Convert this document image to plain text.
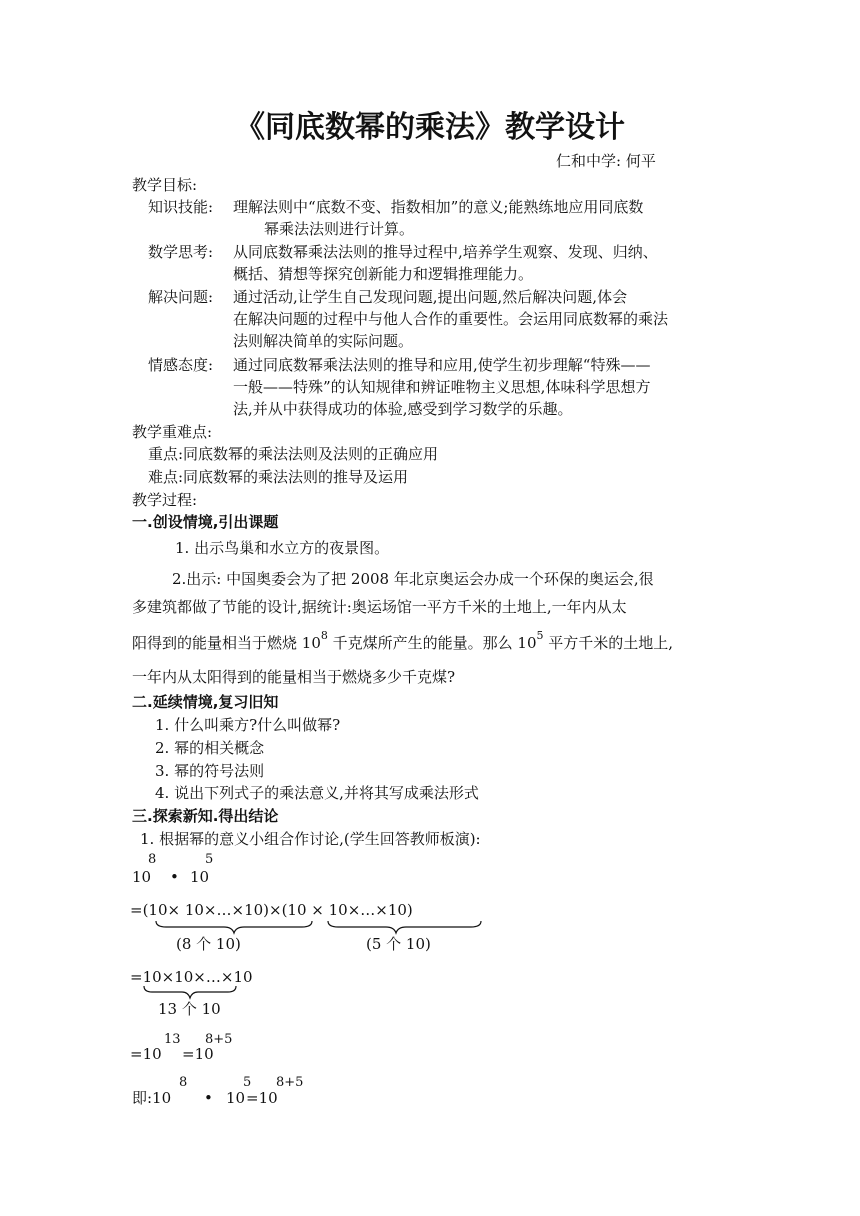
《同底数幂的乘法》教学设计
仁和中学: 何平
教学目标:
知识技能: 理解法则中“底数不变、指数相加”的意义;能熟练地应用同底数
幂乘法法则进行计算。
数学思考: 从同底数幂乘法法则的推导过程中,培养学生观察、发现、归纳、
概括、猜想等探究创新能力和逻辑推理能力。
解决问题: 通过活动,让学生自己发现问题,提出问题,然后解决问题,体会
在解决问题的过程中与他人合作的重要性。会运用同底数幂的乘法
法则解决简单的实际问题。
情感态度: 通过同底数幂乘法法则的推导和应用,使学生初步理解“特殊——
一般——特殊”的认知规律和辨证唯物主义思想,体味科学思想方
法,并从中获得成功的体验,感受到学习数学的乐趣。
教学重难点:
重点:同底数幂的乘法法则及法则的正确应用
难点:同底数幂的乘法法则的推导及运用
教学过程:
一.创设情境,引出课题
1. 出示鸟巢和水立方的夜景图。
2.出示: 中国奥委会为了把 2008 年北京奥运会办成一个环保的奥运会,很
多建筑都做了节能的设计,据统计:奥运场馆一平方千米的土地上,一年内从太
阳得到的能量相当于燃烧 $10^8$ 千克煤所产生的能量。那么 $10^5$ 平方千米的土地上,
一年内从太阳得到的能量相当于燃烧多少千克煤?
二.延续情境,复习旧知
1. 什么叫乘方?什么叫做幂?
2. 幂的相关概念
3. 幂的符号法则
4. 说出下列式子的乘法意义,并将其写成乘法形式
三.探索新知.得出结论
1. 根据幂的意义小组合作讨论,(学生回答教师板演):
8	5
10 • 10
=(10× 10×…×10)×(10 × 10×…×10)
(8 个 10)	(5 个 10)
=10×10×…×10
13 个 10
13 8+5
=10 =10
8	5 8+5
即:10 • 10 =10
